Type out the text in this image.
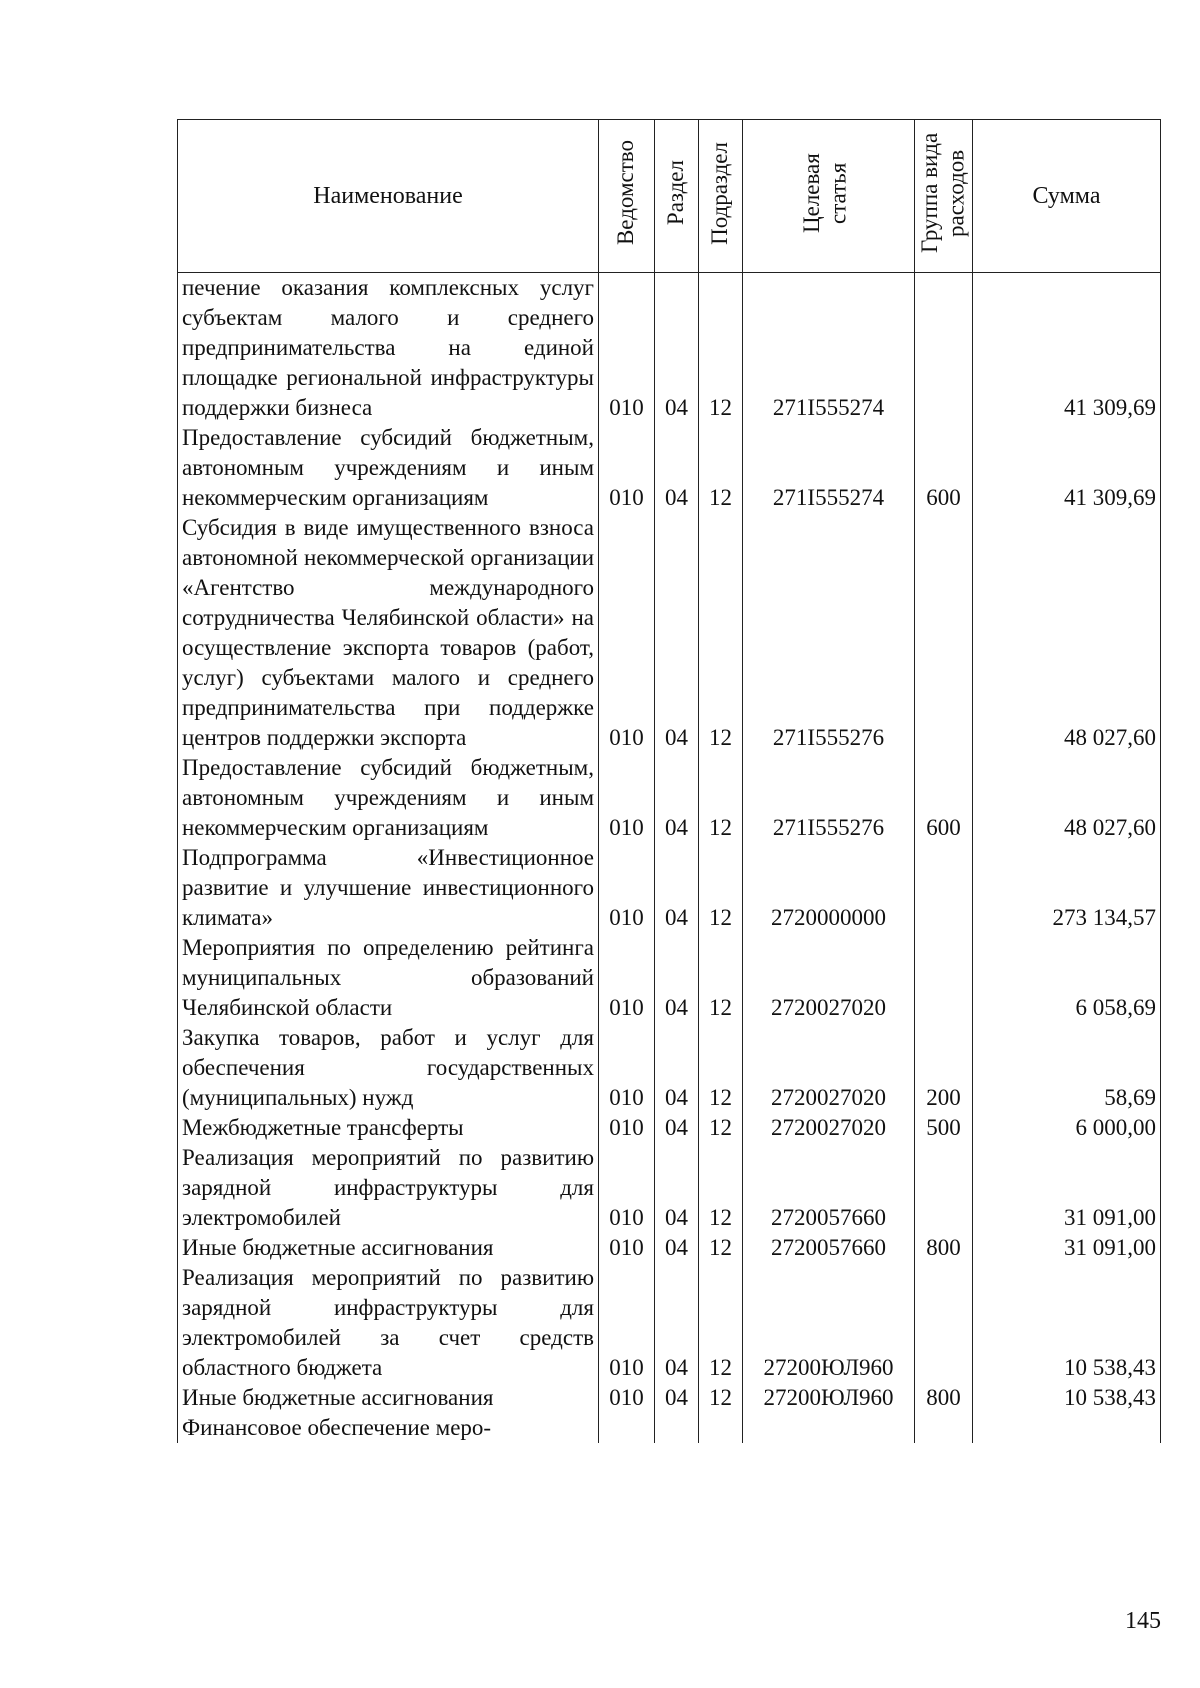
Наименование	Ведомство	Раздел	Подраздел	Целевая статья	Группа вида расходов	Сумма
печение оказания комплексных услуг субъектам малого и среднего предпринимательства на единой площадке региональной инфраструктуры поддержки бизнеса	010	04	12	271I555274		41 309,69
Предоставление субсидий бюджетным, автономным учреждениям и иным некоммерческим организациям	010	04	12	271I555274	600	41 309,69
Субсидия в виде имущественного взноса автономной некоммерческой организации «Агентство международного сотрудничества Челябинской области» на осуществление экспорта товаров (работ, услуг) субъектами малого и среднего предпринимательства при поддержке центров поддержки экспорта	010	04	12	271I555276		48 027,60
Предоставление субсидий бюджетным, автономным учреждениям и иным некоммерческим организациям	010	04	12	271I555276	600	48 027,60
Подпрограмма «Инвестиционное развитие и улучшение инвестиционного климата»	010	04	12	2720000000		273 134,57
Мероприятия по определению рейтинга муниципальных образований Челябинской области	010	04	12	2720027020		6 058,69
Закупка товаров, работ и услуг для обеспечения государственных (муниципальных) нужд	010	04	12	2720027020	200	58,69
Межбюджетные трансферты	010	04	12	2720027020	500	6 000,00
Реализация мероприятий по развитию зарядной инфраструктуры для электромобилей	010	04	12	2720057660		31 091,00
Иные бюджетные ассигнования	010	04	12	2720057660	800	31 091,00
Реализация мероприятий по развитию зарядной инфраструктуры для электромобилей за счет средств областного бюджета	010	04	12	27200ЮЛ960		10 538,43
Иные бюджетные ассигнования	010	04	12	27200ЮЛ960	800	10 538,43
Финансовое обеспечение меро-						
145
